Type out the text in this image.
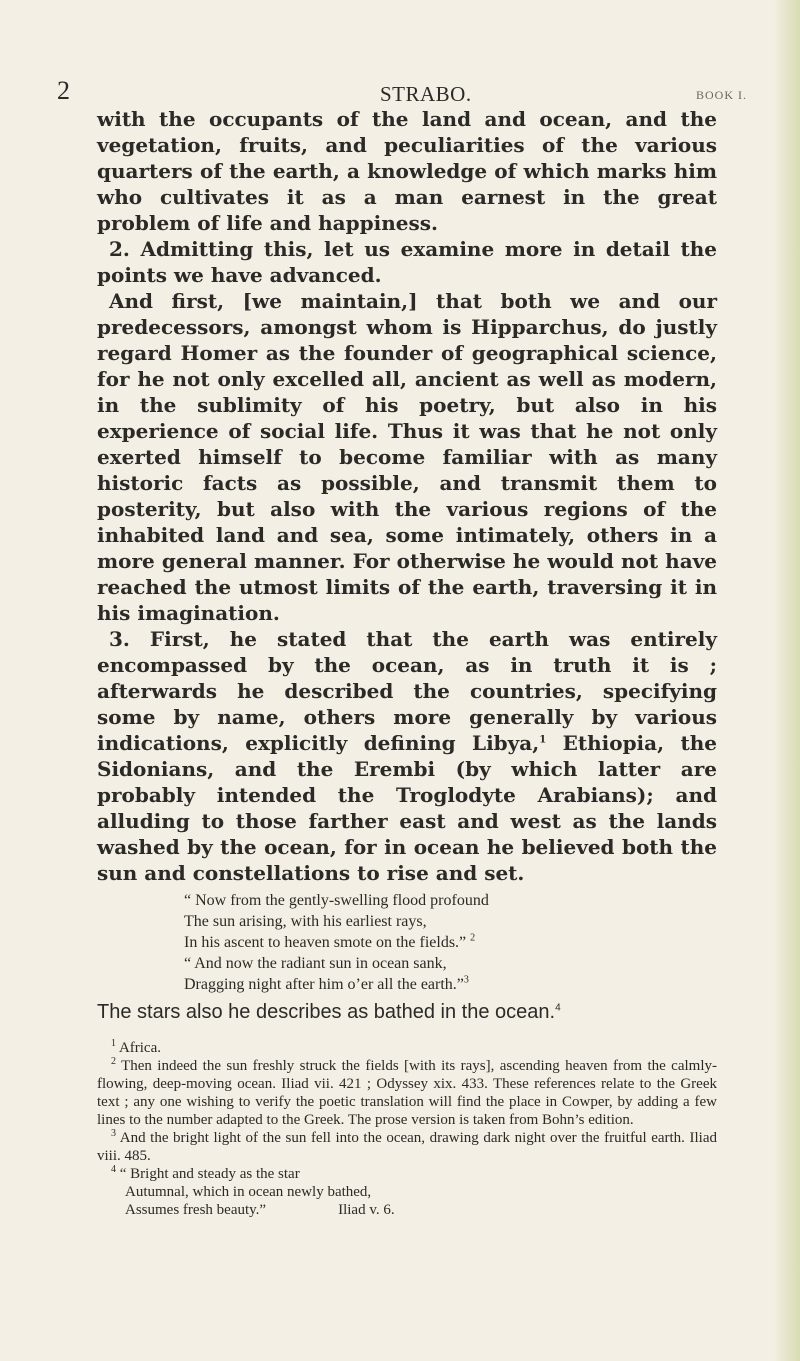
2	STRABO.	BOOK I.

with the occupants of the land and ocean, and the vegetation, fruits, and peculiarities of the various quarters of the earth, a knowledge of which marks him who cultivates it as a man earnest in the great problem of life and happiness.

2. Admitting this, let us examine more in detail the points we have advanced.

And first, [we maintain,] that both we and our predecessors, amongst whom is Hipparchus, do justly regard Homer as the founder of geographical science, for he not only excelled all, ancient as well as modern, in the sublimity of his poetry, but also in his experience of social life. Thus it was that he not only exerted himself to become familiar with as many historic facts as possible, and transmit them to posterity, but also with the various regions of the inhabited land and sea, some intimately, others in a more general manner. For otherwise he would not have reached the utmost limits of the earth, traversing it in his imagination.

3. First, he stated that the earth was entirely encompassed by the ocean, as in truth it is ; afterwards he described the countries, specifying some by name, others more generally by various indications, explicitly defining Libya,$^1$ Ethiopia, the Sidonians, and the Erembi (by which latter are probably intended the Troglodyte Arabians); and alluding to those farther east and west as the lands washed by the ocean, for in ocean he believed both the sun and constellations to rise and set.

“ Now from the gently-swelling flood profound
The sun arising, with his earliest rays,
In his ascent to heaven smote on the fields.” $^2$
“ And now the radiant sun in ocean sank,
Dragging night after him o’er all the earth.”$^3$

The stars also he describes as bathed in the ocean.$^4$

$^1$ Africa.

$^2$ Then indeed the sun freshly struck the fields [with its rays], ascending heaven from the calmly-flowing, deep-moving ocean. Iliad vii. 421 ; Odyssey xix. 433. These references relate to the Greek text ; any one wishing to verify the poetic translation will find the place in Cowper, by adding a few lines to the number adapted to the Greek. The prose version is taken from Bohn’s edition.

$^3$ And the bright light of the sun fell into the ocean, drawing dark night over the fruitful earth. Iliad viii. 485.

$^4$ “ Bright and steady as the star
Autumnal, which in ocean newly bathed,
Assumes fresh beauty.”	Iliad v. 6.
